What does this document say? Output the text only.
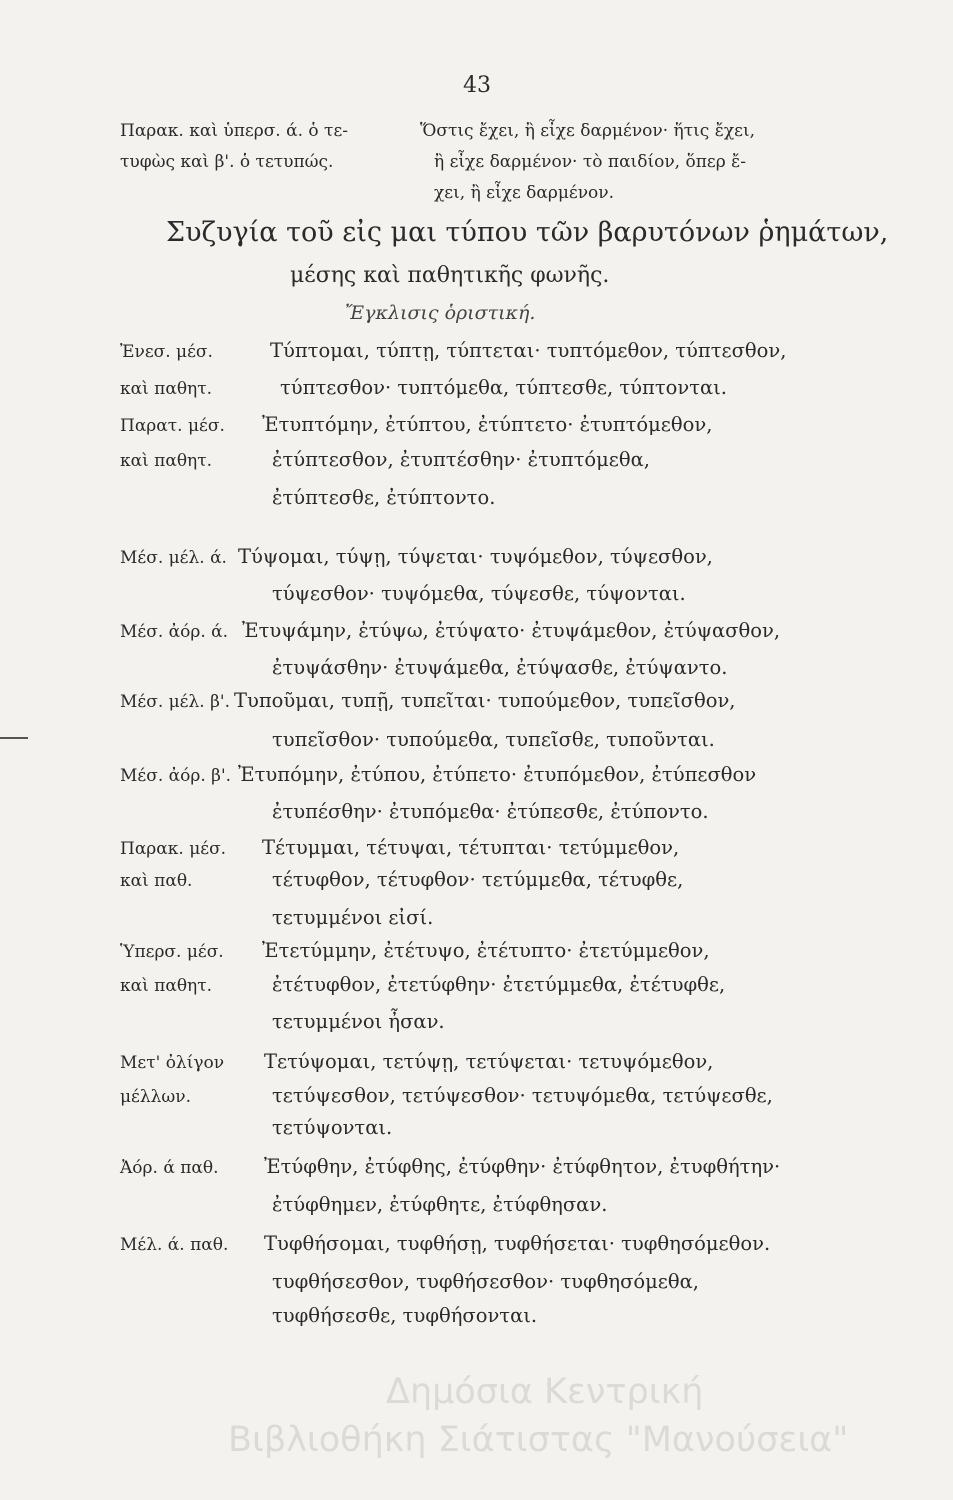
43
Παρακ. καὶ ὑπερσ. ά. ὁ τε-
τυφὼς καὶ β'. ὁ τετυπώς.
Ὅστις ἔχει, ἢ εἶχε δαρμένον· ἥτις ἔχει,
ἢ εἶχε δαρμένον· τὸ παιδίον, ὅπερ ἔ-
χει, ἢ εἶχε δαρμένον.
Συζυγία τοῦ εἰς μαι τύπου τῶν βαρυτόνων ῥημάτων,
μέσης καὶ παθητικῆς φωνῆς.
Ἔγκλισις ὁριστική.
Ἐνεσ. μέσ.
καὶ παθητ.
Τύπτομαι, τύπτῃ, τύπτεται· τυπτόμεθον, τύπτεσθον,
τύπτεσθον· τυπτόμεθα, τύπτεσθε, τύπτονται.
Παρατ. μέσ.
καὶ παθητ.
Ἐτυπτόμην, ἐτύπτου, ἐτύπτετο· ἐτυπτόμεθον,
ἐτύπτεσθον, ἐτυπτέσθην· ἐτυπτόμεθα,
ἐτύπτεσθε, ἐτύπτοντο.
Μέσ. μέλ. ά. Τύψομαι, τύψῃ, τύψεται· τυψόμεθον, τύψεσθον,
τύψεσθον· τυψόμεθα, τύψεσθε, τύψονται.
Μέσ. ἀόρ. ά. Ἐτυψάμην, ἐτύψω, ἐτύψατο· ἐτυψάμεθον, ἐτύψασθον,
ἐτυψάσθην· ἐτυψάμεθα, ἐτύψασθε, ἐτύψαντο.
Μέσ. μέλ. β'. Τυποῦμαι, τυπῇ, τυπεῖται· τυπούμεθον, τυπεῖσθον,
τυπεῖσθον· τυπούμεθα, τυπεῖσθε, τυποῦνται.
Μέσ. ἀόρ. β'. Ἐτυπόμην, ἐτύπου, ἐτύπετο· ἐτυπόμεθον, ἐτύπεσθον
ἐτυπέσθην· ἐτυπόμεθα· ἐτύπεσθε, ἐτύποντο.
Παρακ. μέσ.
καὶ παθ.
Τέτυμμαι, τέτυψαι, τέτυπται· τετύμμεθον,
τέτυφθον, τέτυφθον· τετύμμεθα, τέτυφθε,
τετυμμένοι εἰσί.
Ὑπερσ. μέσ.
καὶ παθητ.
Ἐτετύμμην, ἐτέτυψο, ἐτέτυπτο· ἐτετύμμεθον,
ἐτέτυφθον, ἐτετύφθην· ἐτετύμμεθα, ἐτέτυφθε,
τετυμμένοι ἦσαν.
Μετ' ὀλίγον
μέλλων.
Τετύψομαι, τετύψῃ, τετύψεται· τετυψόμεθον,
τετύψεσθον, τετύψεσθον· τετυψόμεθα, τετύψεσθε,
τετύψονται.
Ἀόρ. ά παθ. Ἐτύφθην, ἐτύφθης, ἐτύφθην· ἐτύφθητον, ἐτυφθήτην·
ἐτύφθημεν, ἐτύφθητε, ἐτύφθησαν.
Μέλ. ά. παθ. Τυφθήσομαι, τυφθήσῃ, τυφθήσεται· τυφθησόμεθον.
τυφθήσεσθον, τυφθήσεσθον· τυφθησόμεθα,
τυφθήσεσθε, τυφθήσονται.
Δημόσια Κεντρική
Βιβλιοθήκη Σιάτιστας "Μανούσεια"
